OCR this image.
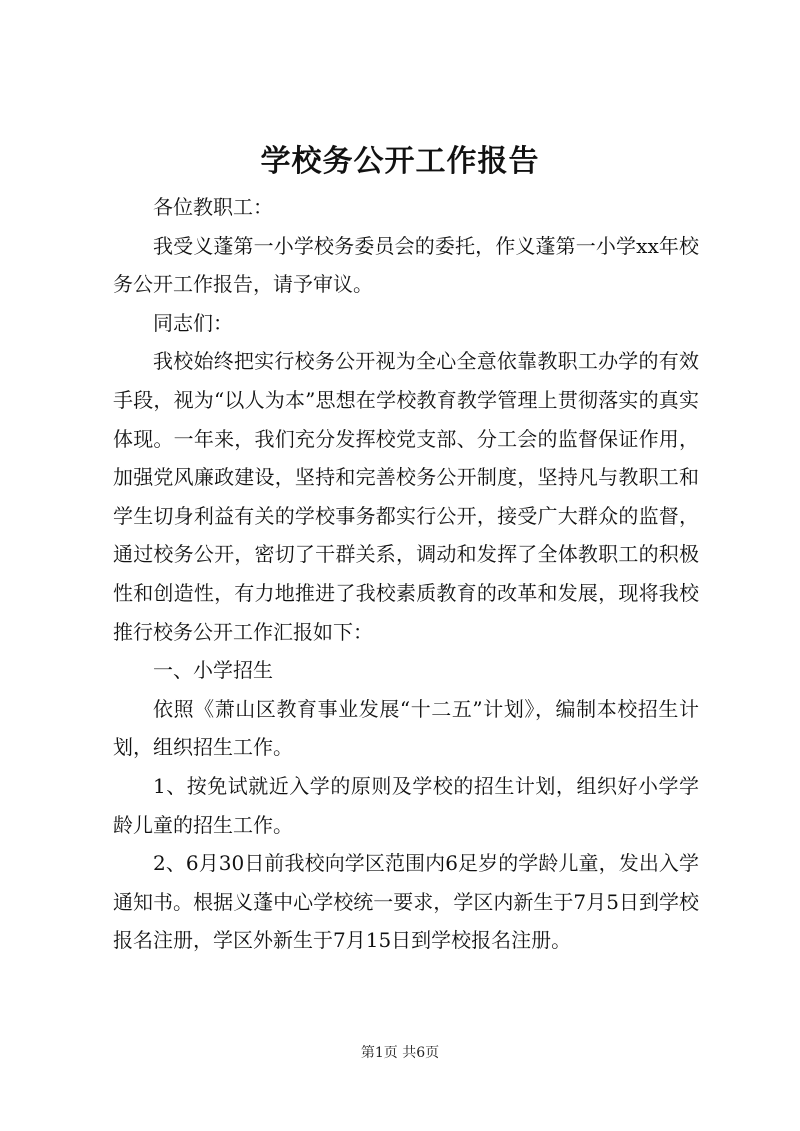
学校务公开工作报告

各位教职工：

我受义蓬第一小学校务委员会的委托，作义蓬第一小学xx年校务公开工作报告，请予审议。

同志们：

我校始终把实行校务公开视为全心全意依靠教职工办学的有效手段，视为“以人为本”思想在学校教育教学管理上贯彻落实的真实体现。一年来，我们充分发挥校党支部、分工会的监督保证作用，加强党风廉政建设，坚持和完善校务公开制度，坚持凡与教职工和学生切身利益有关的学校事务都实行公开，接受广大群众的监督，通过校务公开，密切了干群关系，调动和发挥了全体教职工的积极性和创造性，有力地推进了我校素质教育的改革和发展，现将我校推行校务公开工作汇报如下：

一、小学招生

依照《萧山区教育事业发展“十二五”计划》，编制本校招生计划，组织招生工作。

1、按免试就近入学的原则及学校的招生计划，组织好小学学龄儿童的招生工作。

2、6月30日前我校向学区范围内6足岁的学龄儿童，发出入学通知书。根据义蓬中心学校统一要求，学区内新生于7月5日到学校报名注册，学区外新生于7月15日到学校报名注册。

第1页 共6页
